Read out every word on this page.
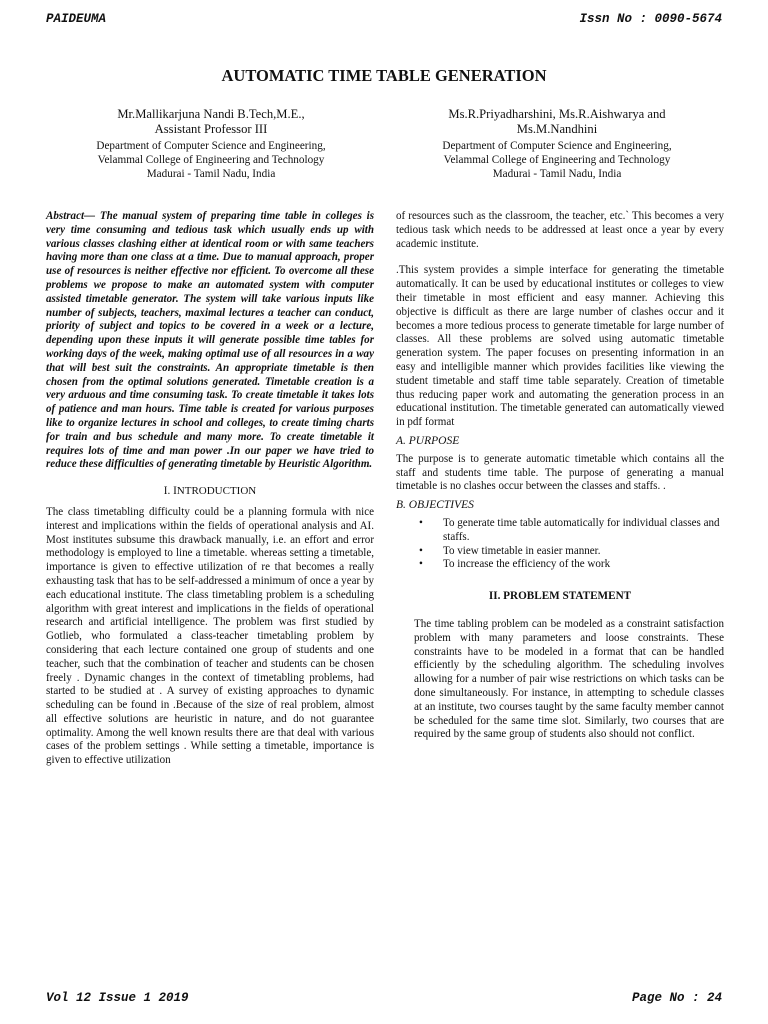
PAIDEUMA	Issn No : 0090-5674
AUTOMATIC TIME TABLE GENERATION
Mr.Mallikarjuna Nandi B.Tech,M.E.,
Assistant Professor III
Department of Computer Science and Engineering,
Velammal College of Engineering and Technology
Madurai - Tamil Nadu, India
Ms.R.Priyadharshini, Ms.R.Aishwarya and
Ms.M.Nandhini
Department of Computer Science and Engineering,
Velammal College of Engineering and Technology
Madurai - Tamil Nadu, India

Abstract— The manual system of preparing time table in colleges is very time consuming and tedious task which usually ends up with various classes clashing either at identical room or with same teachers having more than one class at a time. Due to manual approach, proper use of resources is neither effective nor efficient. To overcome all these problems we propose to make an automated system with computer assisted timetable generator. The system will take various inputs like number of subjects, teachers, maximal lectures a teacher can conduct, priority of subject and topics to be covered in a week or a lecture, depending upon these inputs it will generate possible time tables for working days of the week, making optimal use of all resources in a way that will best suit the constraints. An appropriate timetable is then chosen from the optimal solutions generated. Timetable creation is a very arduous and time consuming task. To create timetable it takes lots of patience and man hours. Time table is created for various purposes like to organize lectures in school and colleges, to create timing charts for train and bus schedule and many more. To create timetable it requires lots of time and man power .In our paper we have tried to reduce these difficulties of generating timetable by Heuristic Algorithm.

I. INTRODUCTION

The class timetabling difficulty could be a planning formula with nice interest and implications within the fields of operational analysis and AI. Most institutes subsume this drawback manually, i.e. an effort and error methodology is employed to line a timetable. whereas setting a timetable, importance is given to effective utilization of re that becomes a really exhausting task that has to be self-addressed a minimum of once a year by each educational institute. The class timetabling problem is a scheduling algorithm with great interest and implications in the fields of operational research and artificial intelligence. The problem was first studied by Gotlieb, who formulated a class-teacher timetabling problem by considering that each lecture contained one group of students and one teacher, such that the combination of teacher and students can be chosen freely . Dynamic changes in the context of timetabling problems, had started to be studied at . A survey of existing approaches to dynamic scheduling can be found in .Because of the size of real problem, almost all effective solutions are heuristic in nature, and do not guarantee optimality. Among the well known results there are that deal with various cases of the problem settings . While setting a timetable, importance is given to effective utilization

of resources such as the classroom, the teacher, etc.` This becomes a very tedious task which needs to be addressed at least once a year by every academic institute.

.This system provides a simple interface for generating the timetable automatically. It can be used by educational institutes or colleges to view their timetable in most efficient and easy manner. Achieving this objective is difficult as there are large number of clashes occur and it becomes a more tedious process to generate timetable for large number of classes. All these problems are solved using automatic timetable generation system. The paper focuses on presenting information in an easy and intelligible manner which provides facilities like viewing the student timetable and staff time table separately. Creation of timetable thus reducing paper work and automating the generation process in an educational institution. The timetable generated can automatically viewed in pdf format

A. PURPOSE

The purpose is to generate automatic timetable which contains all the staff and students time table. The purpose of generating a manual timetable is no clashes occur between the classes and staffs. .

B. OBJECTIVES
• To generate time table automatically for individual classes and staffs.
• To view timetable in easier manner.
• To increase the efficiency of the work
II. PROBLEM STATEMENT

The time tabling problem can be modeled as a constraint satisfaction problem with many parameters and loose constraints. These constraints have to be modeled in a format that can be handled efficiently by the scheduling algorithm. The scheduling involves allowing for a number of pair wise restrictions on which tasks can be done simultaneously. For instance, in attempting to schedule classes at an institute, two courses taught by the same faculty member cannot be scheduled for the same time slot. Similarly, two courses that are required by the same group of students also should not conflict.

Vol 12 Issue 1 2019	Page No : 24
